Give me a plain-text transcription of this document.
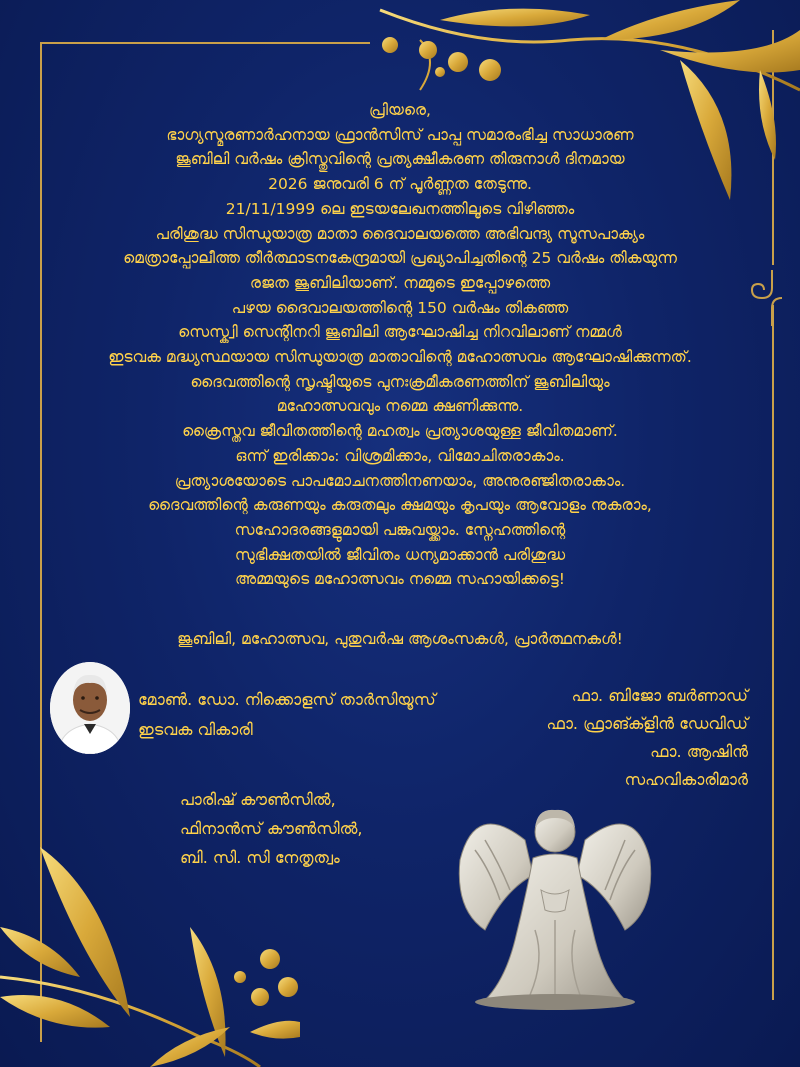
പ്രിയരെ,
ഭാഗ്യസ്മരണാർഹനായ ഫ്രാൻസിസ് പാപ്പ സമാരംഭിച്ച സാധാരണ
ജൂബിലി വർഷം ക്രിസ്തുവിന്റെ പ്രത്യക്ഷീകരണ തിരുനാൾ ദിനമായ
2026 ജനുവരി 6 ന് പൂർണ്ണത തേടുന്നു.
21/11/1999 ലെ ഇടയലേഖനത്തിലൂടെ വിഴിഞ്ഞം
പരിശുദ്ധ സിന്ധുയാത്ര മാതാ ദൈവാലയത്തെ അഭിവന്ദ്യ സൂസപാക്യം
മെത്രാപ്പോലീത്ത തീർത്ഥാടനകേന്ദ്രമായി പ്രഖ്യാപിച്ചതിന്റെ 25 വർഷം തികയുന്ന
രജത ജൂബിലിയാണ്. നമ്മുടെ ഇപ്പോഴത്തെ
പഴയ ദൈവാലയത്തിന്റെ 150 വർഷം തികഞ്ഞ
സെസ്ക്വി സെന്റിനറി ജൂബിലി ആഘോഷിച്ച നിറവിലാണ് നമ്മൾ
ഇടവക മദ്ധ്യസ്ഥയായ സിന്ധുയാത്ര മാതാവിന്റെ മഹോത്സവം ആഘോഷിക്കുന്നത്.
ദൈവത്തിന്റെ സൃഷ്ടിയുടെ പുനഃക്രമീകരണത്തിന് ജൂബിലിയും
മഹോത്സവവും നമ്മെ ക്ഷണിക്കുന്നു.
ക്രൈസ്തവ ജീവിതത്തിന്റെ മഹത്വം പ്രത്യാശയുള്ള ജീവിതമാണ്.
ഒന്ന് ഇരിക്കാം: വിശ്രമിക്കാം, വിമോചിതരാകാം.
പ്രത്യാശയോടെ പാപമോചനത്തിനണയാം, അനുരഞ്ജിതരാകാം.
ദൈവത്തിന്റെ കരുണയും കരുതലും ക്ഷമയും കൃപയും ആവോളം നുകരാം,
സഹോദരങ്ങളുമായി പങ്കുവയ്ക്കാം. സ്നേഹത്തിന്റെ
സുഭിക്ഷതയിൽ ജീവിതം ധന്യമാക്കാൻ പരിശുദ്ധ
അമ്മയുടെ മഹോത്സവം നമ്മെ സഹായിക്കട്ടെ!
ജൂബിലി, മഹോത്സവ, പുതുവർഷ ആശംസകൾ, പ്രാർത്ഥനകൾ!
മോൺ. ഡോ. നിക്കൊളസ് താർസിയൂസ്
ഇടവക വികാരി
ഫാ. ബിജോ ബർണാഡ്
ഫാ. ഫ്രാങ്ക്ളിൻ ഡേവിഡ്
ഫാ. ആഷിൻ
സഹവികാരിമാർ
പാരിഷ് കൗൺസിൽ,
ഫിനാൻസ് കൗൺസിൽ,
ബി. സി. സി നേതൃത്വം
